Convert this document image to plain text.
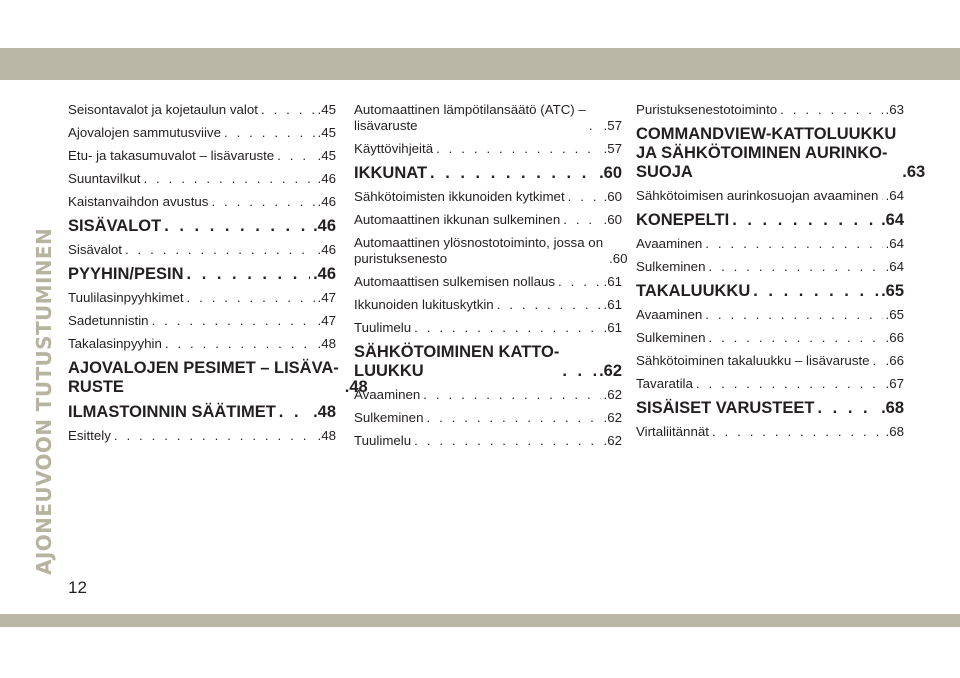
AJONEUVOON TUTUSTUMINEN
Seisontavalot ja kojetaulun valot . . .	.45
Ajovalojen sammutusviive . . .	.45
Etu- ja takasumuvalot – lisävaruste . . .	.45
Suuntavilkut . . .	.46
Kaistanvaihdon avustus . . .	.46
SISÄVALOT . . .	.46
Sisävalot . . .	.46
PYYHIN/PESIN . . .	.46
Tuulilasinpyyhkimet . . .	.47
Sadetunnistin . . .	.47
Takalasinpyyhin . . .	.48
AJOVALOJEN PESIMET – LISÄVA-
RUSTE	.48
ILMASTOINNIN SÄÄTIMET . . . .48
Esittely . . .	.48
Automaattinen lämpötilansäätö (ATC) –
lisävaruste . . .	.57
Käyttövihjeitä . . .	.57
IKKUNAT . . .	.60
Sähkötoimisten ikkunoiden kytkimet . . .	.60
Automaattinen ikkunan sulkeminen . . .	.60
Automaattinen ylösnostotoiminto, jossa on
puristuksenesto	.60
Automaattisen sulkemisen nollaus . . .	.61
Ikkunoiden lukituskytkin . . .	.61
Tuulimelu . . .	.61
SÄHKÖTOIMINEN KATTO-
LUUKKU . . .	.62
Avaaminen . . .	.62
Sulkeminen . . .	.62
Tuulimelu . . .	.62
Puristuksenestotoiminto . . .	.63
COMMANDVIEW-KATTOLUUKKU
JA SÄHKÖTOIMINEN AURINKO-
SUOJA	.63
Sähkötoimisen aurinkosuojan avaaminen . . . .64
KONEPELTI . . .	.64
Avaaminen . . .	.64
Sulkeminen . . .	.64
TAKALUUKKU . . .	.65
Avaaminen . . .	.65
Sulkeminen . . .	.66
Sähkötoiminen takaluukku – lisävaruste . . . .66
Tavaratila . . .	.67
SISÄISET VARUSTEET . . .	.68
Virtaliitännät . . .	.68
12
